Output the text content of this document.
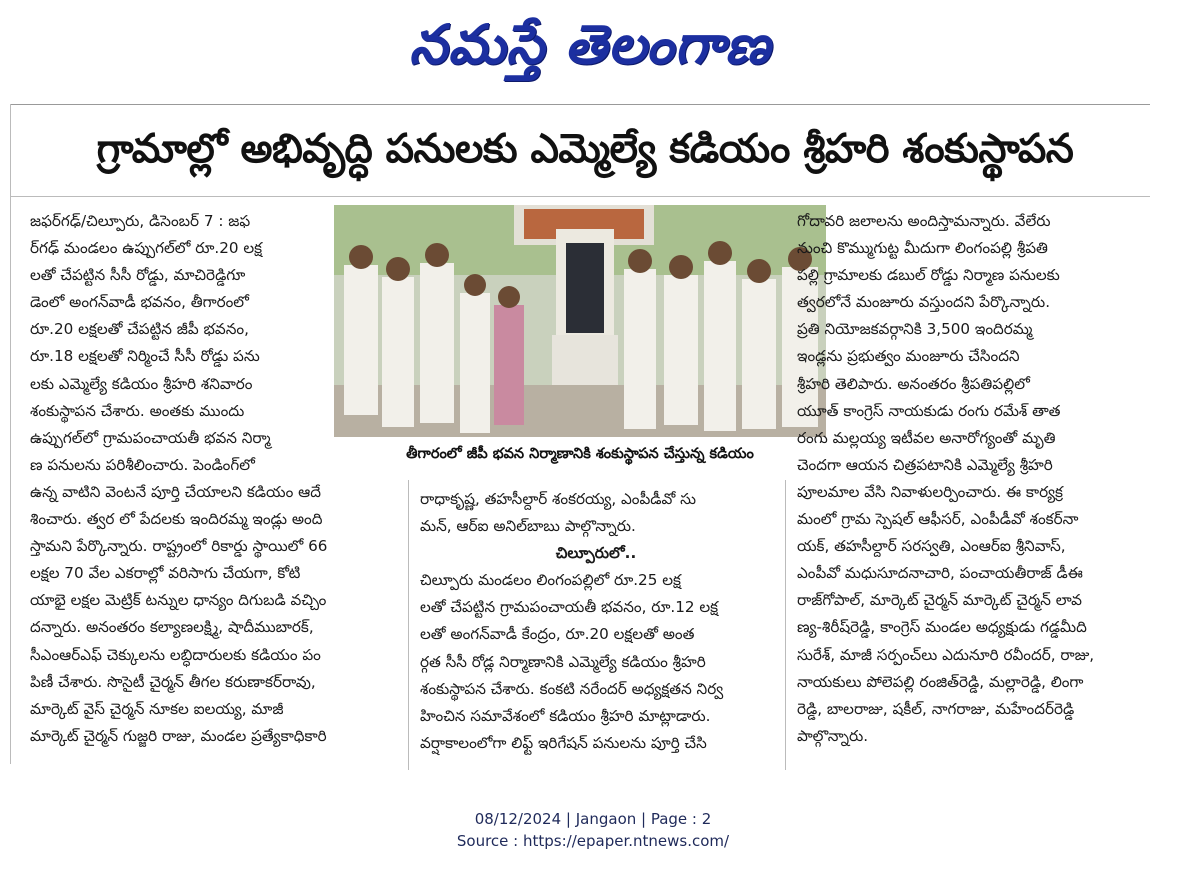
నమస్తే తెలంగాణ
గ్రామాల్లో అభివృద్ధి పనులకు ఎమ్మెల్యే కడియం శ్రీహరి శంకుస్థాపన
జఫర్‌గఢ్/చిల్పూరు, డిసెంబర్ 7 : జఫ
ర్‌గఢ్ మండలం ఉప్పుగల్‌లో రూ.20 లక్ష
లతో చేపట్టిన సీసీ రోడ్డు, మాచిరెడ్డిగూ
డెంలో అంగన్‌వాడీ భవనం, తీగారంలో
రూ.20 లక్షలతో చేపట్టిన జీపీ భవనం,
రూ.18 లక్షలతో నిర్మించే సీసీ రోడ్డు పను
లకు ఎమ్మెల్యే కడియం శ్రీహరి శనివారం
శంకుస్థాపన చేశారు. అంతకు ముందు
ఉప్పుగల్‌లో గ్రామపంచాయతీ భవన నిర్మా
ణ పనులను పరిశీలించారు. పెండింగ్‌లో
ఉన్న వాటిని వెంటనే పూర్తి చేయాలని కడియం ఆదే
శించారు. త్వర లో పేదలకు ఇందిరమ్మ ఇండ్లు అంది
స్తామని పేర్కొన్నారు. రాష్ట్రంలో రికార్డు స్థాయిలో 66
లక్షల 70 వేల ఎకరాల్లో వరిసాగు చేయగా, కోటి
యాభై లక్షల మెట్రిక్ టన్నుల ధాన్యం దిగుబడి వచ్చిం
దన్నారు. అనంతరం కల్యాణలక్ష్మి, షాదీముబారక్,
సీఎంఆర్‌ఎఫ్ చెక్కులను లబ్ధిదారులకు కడియం పం
పిణీ చేశారు. సొసైటీ చైర్మన్ తీగల కరుణాకర్‌రావు,
మార్కెట్ వైస్ చైర్మన్ నూకల ఐలయ్య, మాజీ
మార్కెట్ చైర్మన్ గుజ్జరి రాజు, మండల ప్రత్యేకాధికారి
తీగారంలో జీపీ భవన నిర్మాణానికి శంకుస్థాపన చేస్తున్న కడియం
రాధాకృష్ణ, తహసీల్దార్ శంకరయ్య, ఎంపీడీవో సు
మన్, ఆర్‌ఐ అనిల్‌బాబు పాల్గొన్నారు.

చిల్పూరులో..
చిల్పూరు మండలం లింగంపల్లిలో రూ.25 లక్ష
లతో చేపట్టిన గ్రామపంచాయతీ భవనం, రూ.12 లక్ష
లతో అంగన్‌వాడీ కేంద్రం, రూ.20 లక్షలతో అంత
ర్గత సీసీ రోడ్ల నిర్మాణానికి ఎమ్మెల్యే కడియం శ్రీహరి
శంకుస్థాపన చేశారు. కంకటి నరేందర్ అధ్యక్షతన నిర్వ
హించిన సమావేశంలో కడియం శ్రీహరి మాట్లాడారు.
వర్షాకాలంలోగా లిఫ్ట్ ఇరిగేషన్ పనులను పూర్తి చేసి
గోదావరి జలాలను అందిస్తామన్నారు. వేలేరు
నుంచి కొమ్ముగుట్ట మీదుగా లింగంపల్లి శ్రీపతి
పల్లి గ్రామాలకు డబుల్ రోడ్డు నిర్మాణ పనులకు
త్వరలోనే మంజూరు వస్తుందని పేర్కొన్నారు.
ప్రతి నియోజకవర్గానికి 3,500 ఇందిరమ్మ
ఇండ్లను ప్రభుత్వం మంజూరు చేసిందని
శ్రీహరి తెలిపారు. అనంతరం శ్రీపతిపల్లిలో
యూత్ కాంగ్రెస్ నాయకుడు రంగు రమేశ్ తాత
రంగు మల్లయ్య ఇటీవల అనారోగ్యంతో మృతి
చెందగా ఆయన చిత్రపటానికి ఎమ్మెల్యే శ్రీహరి
పూలమాల వేసి నివాళులర్పించారు. ఈ కార్యక్ర
మంలో గ్రామ స్పెషల్ ఆఫీసర్, ఎంపీడీవో శంకర్‌నా
యక్, తహసీల్దార్ సరస్వతి, ఎంఆర్‌ఐ శ్రీనివాస్,
ఎంపీవో మధుసూదనాచారి, పంచాయతీరాజ్ డీఈ
రాజ్‌గోపాల్, మార్కెట్ చైర్మన్ మార్కెట్ చైర్మన్ లావ
ణ్య-శిరీష్‌రెడ్డి, కాంగ్రెస్ మండల అధ్యక్షుడు గడ్డమీది
సురేశ్, మాజీ సర్పంచ్‌లు ఎదునూరి రవీందర్, రాజు,
నాయకులు పోలెపల్లి రంజిత్‌రెడ్డి, మల్లారెడ్డి, లింగా
రెడ్డి, బాలరాజు, షకీల్, నాగరాజు, మహేందర్‌రెడ్డి
పాల్గొన్నారు.
08/12/2024 | Jangaon | Page : 2
Source : https://epaper.ntnews.com/
